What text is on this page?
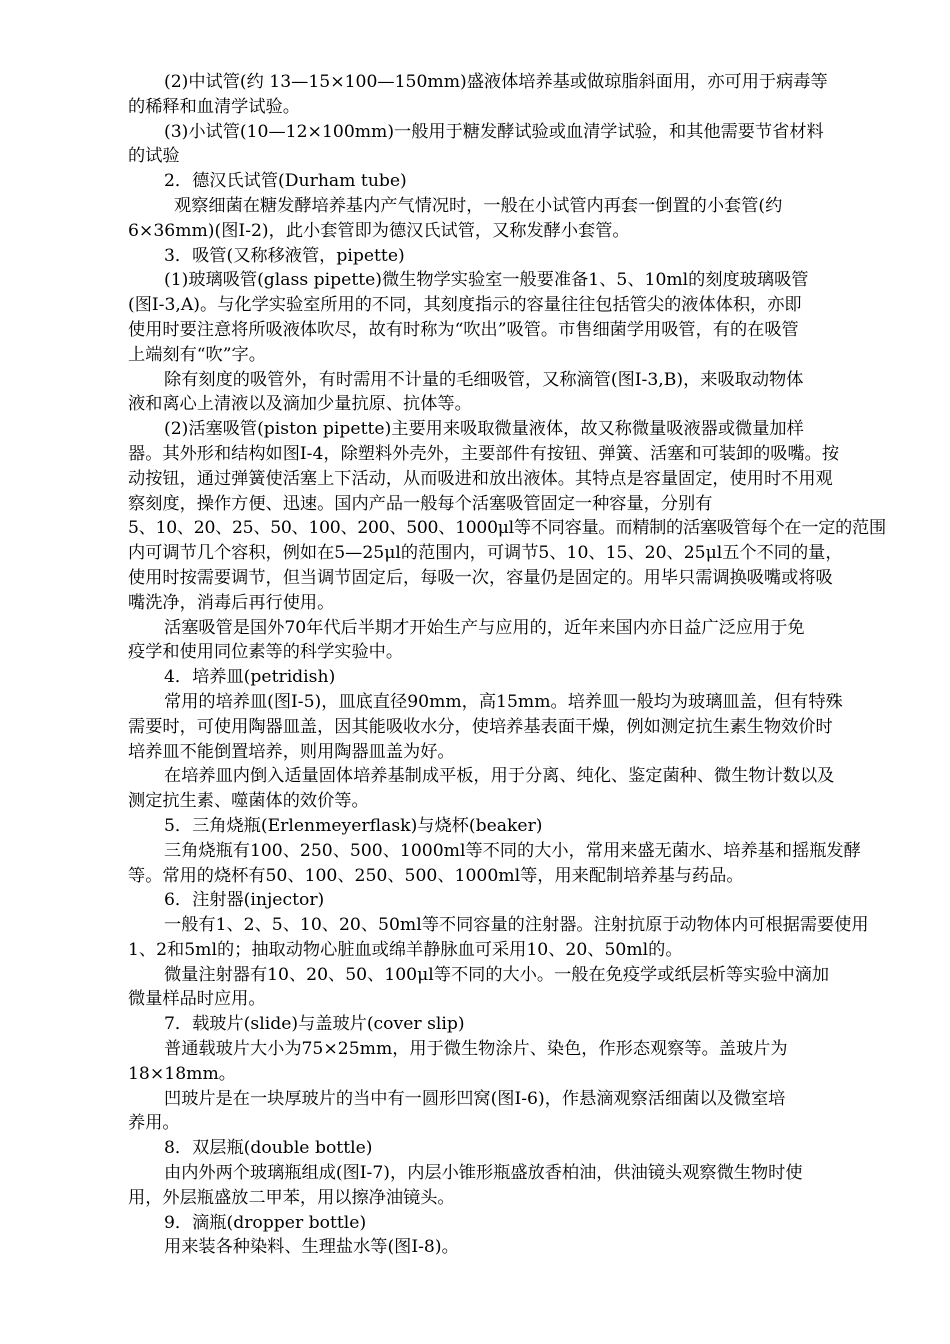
(2)中试管(约 13—15×100—150mm)盛液体培养基或做琼脂斜面用，亦可用于病毒等
的稀释和血清学试验。
(3)小试管(10—12×100mm)一般用于糖发酵试验或血清学试验，和其他需要节省材料
的试验
2．德汉氏试管(Durham tube)
观察细菌在糖发酵培养基内产气情况时，一般在小试管内再套一倒置的小套管(约
6×36mm)(图Ⅰ-2)，此小套管即为德汉氏试管，又称发酵小套管。
3．吸管(又称移液管，pipette)
(1)玻璃吸管(glass pipette)微生物学实验室一般要准备1、5、10ml的刻度玻璃吸管
(图Ⅰ-3,A)。与化学实验室所用的不同，其刻度指示的容量往往包括管尖的液体体积，亦即
使用时要注意将所吸液体吹尽，故有时称为“吹出”吸管。市售细菌学用吸管，有的在吸管
上端刻有“吹”字。
除有刻度的吸管外，有时需用不计量的毛细吸管，又称滴管(图Ⅰ-3,B)，来吸取动物体
液和离心上清液以及滴加少量抗原、抗体等。
(2)活塞吸管(piston pipette)主要用来吸取微量液体，故又称微量吸液器或微量加样
器。其外形和结构如图Ⅰ-4，除塑料外壳外，主要部件有按钮、弹簧、活塞和可装卸的吸嘴。按
动按钮，通过弹簧使活塞上下活动，从而吸进和放出液体。其特点是容量固定，使用时不用观
察刻度，操作方便、迅速。国内产品一般每个活塞吸管固定一种容量，分别有
5、10、20、25、50、100、200、500、1000μl等不同容量。而精制的活塞吸管每个在一定的范围
内可调节几个容积，例如在5—25μl的范围内，可调节5、10、15、20、25μl五个不同的量，
使用时按需要调节，但当调节固定后，每吸一次，容量仍是固定的。用毕只需调换吸嘴或将吸
嘴洗净，消毒后再行使用。
活塞吸管是国外70年代后半期才开始生产与应用的，近年来国内亦日益广泛应用于免
疫学和使用同位素等的科学实验中。
4．培养皿(petridish)
常用的培养皿(图Ⅰ-5)，皿底直径90mm，高15mm。培养皿一般均为玻璃皿盖，但有特殊
需要时，可使用陶器皿盖，因其能吸收水分，使培养基表面干燥，例如测定抗生素生物效价时
培养皿不能倒置培养，则用陶器皿盖为好。
在培养皿内倒入适量固体培养基制成平板，用于分离、纯化、鉴定菌种、微生物计数以及
测定抗生素、噬菌体的效价等。
5．三角烧瓶(Erlenmeyerflask)与烧杯(beaker)
三角烧瓶有100、250、500、1000ml等不同的大小，常用来盛无菌水、培养基和摇瓶发酵
等。常用的烧杯有50、100、250、500、1000ml等，用来配制培养基与药品。
6．注射器(injector)
一般有1、2、5、10、20、50ml等不同容量的注射器。注射抗原于动物体内可根据需要使用
1、2和5ml的；抽取动物心脏血或绵羊静脉血可采用10、20、50ml的。
微量注射器有10、20、50、100μl等不同的大小。一般在免疫学或纸层析等实验中滴加
微量样品时应用。
7．载玻片(slide)与盖玻片(cover slip)
普通载玻片大小为75×25mm，用于微生物涂片、染色，作形态观察等。盖玻片为
18×18mm。
凹玻片是在一块厚玻片的当中有一圆形凹窝(图Ⅰ-6)，作悬滴观察活细菌以及微室培
养用。
8．双层瓶(double bottle)
由内外两个玻璃瓶组成(图Ⅰ-7)，内层小锥形瓶盛放香柏油，供油镜头观察微生物时使
用，外层瓶盛放二甲苯，用以擦净油镜头。
9．滴瓶(dropper bottle)
用来装各种染料、生理盐水等(图Ⅰ-8)。
